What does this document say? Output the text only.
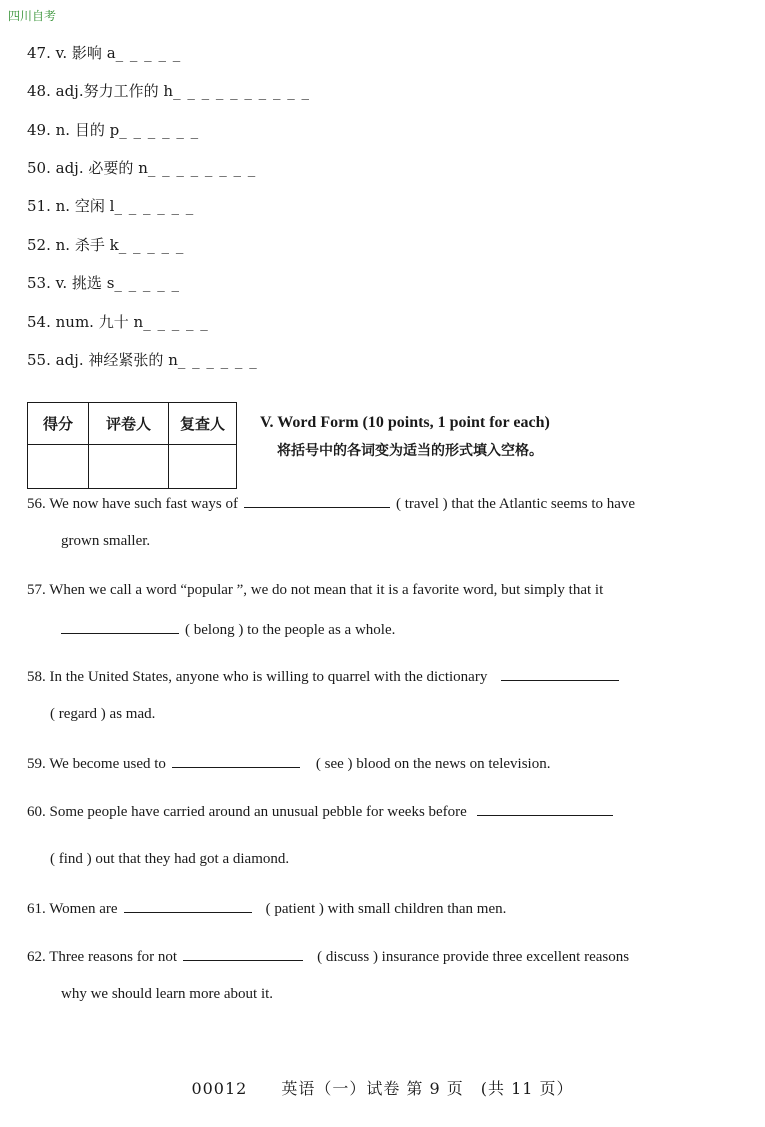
四川自考
47. v. 影响 a_ _ _ _ _
48. adj.努力工作的 h_ _ _ _ _ _ _ _ _ _
49. n. 目的 p_ _ _ _ _ _
50. adj. 必要的 n_ _ _ _ _ _ _ _
51. n. 空闲 l_ _ _ _ _ _
52. n. 杀手 k_ _ _ _ _
53. v. 挑选 s_ _ _ _ _
54. num. 九十 n_ _ _ _ _
55. adj. 神经紧张的 n_ _ _ _ _ _
得分	评卷人	复查人
		V. Word Form (10 points, 1 point for each)
将括号中的各词变为适当的形式填入空格。
56. We now have such fast ways of	( travel ) that the Atlantic seems to have
grown smaller.
57. When we call a word “popular ”, we do not mean that it is a favorite word, but simply that it
( belong ) to the people as a whole.
58. In the United States, anyone who is willing to quarrel with the dictionary
( regard ) as mad.
59. We become used to	( see ) blood on the news on television.
60. Some people have carried around an unusual pebble for weeks before
( find ) out that they had got a diamond.
61. Women are	( patient ) with small children than men.
62. Three reasons for not	( discuss ) insurance provide three excellent reasons
why we should learn more about it.
00012　　英语（一）试卷 第 9 页　(共 11 页）
